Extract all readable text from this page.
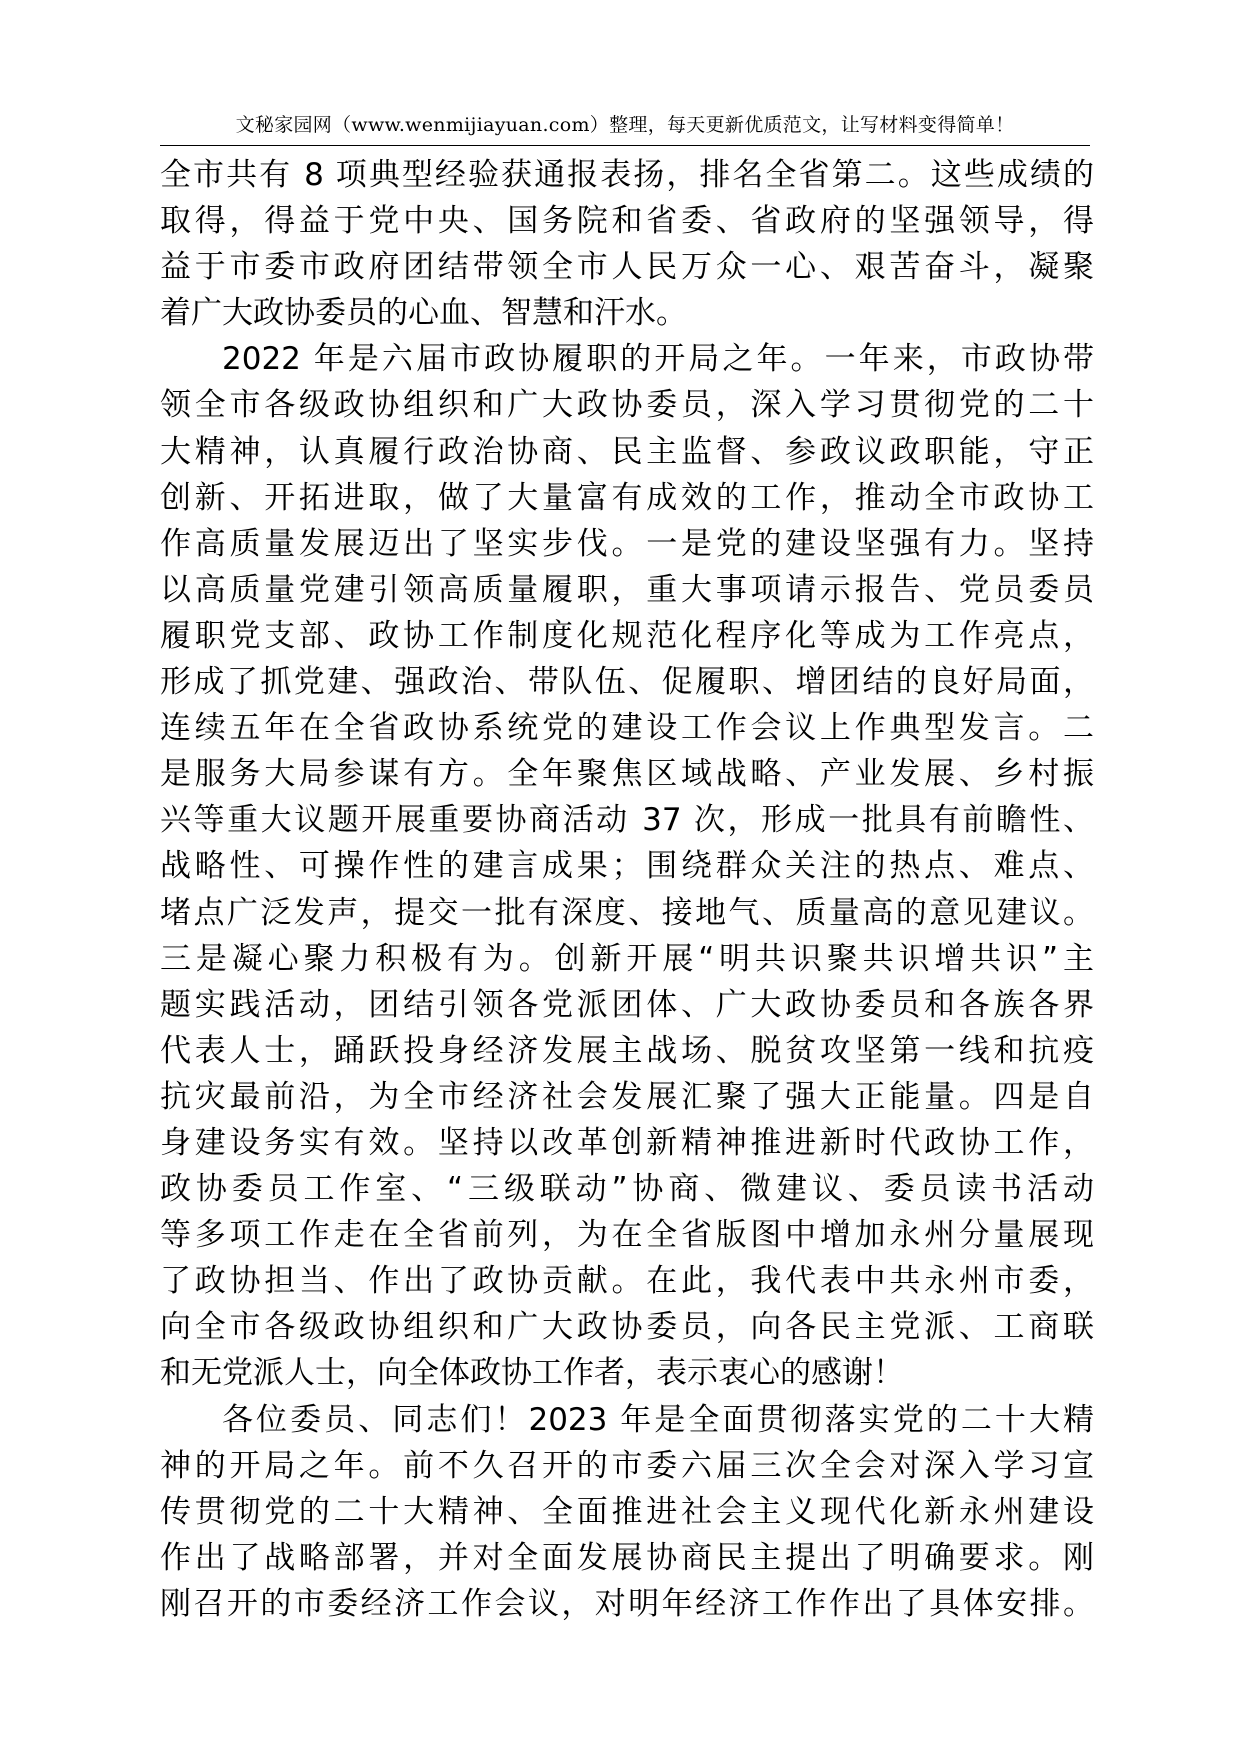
文秘家园网（www.wenmijiayuan.com）整理，每天更新优质范文，让写材料变得简单！
全市共有 8 项典型经验获通报表扬，排名全省第二。这些成绩的
取得，得益于党中央、国务院和省委、省政府的坚强领导，得
益于市委市政府团结带领全市人民万众一心、艰苦奋斗，凝聚
着广大政协委员的心血、智慧和汗水。
2022 年是六届市政协履职的开局之年。一年来，市政协带
领全市各级政协组织和广大政协委员，深入学习贯彻党的二十
大精神，认真履行政治协商、民主监督、参政议政职能，守正
创新、开拓进取，做了大量富有成效的工作，推动全市政协工
作高质量发展迈出了坚实步伐。一是党的建设坚强有力。坚持
以高质量党建引领高质量履职，重大事项请示报告、党员委员
履职党支部、政协工作制度化规范化程序化等成为工作亮点，
形成了抓党建、强政治、带队伍、促履职、增团结的良好局面，
连续五年在全省政协系统党的建设工作会议上作典型发言。二
是服务大局参谋有方。全年聚焦区域战略、产业发展、乡村振
兴等重大议题开展重要协商活动 37 次，形成一批具有前瞻性、
战略性、可操作性的建言成果；围绕群众关注的热点、难点、
堵点广泛发声，提交一批有深度、接地气、质量高的意见建议。
三是凝心聚力积极有为。创新开展“明共识聚共识增共识”主
题实践活动，团结引领各党派团体、广大政协委员和各族各界
代表人士，踊跃投身经济发展主战场、脱贫攻坚第一线和抗疫
抗灾最前沿，为全市经济社会发展汇聚了强大正能量。四是自
身建设务实有效。坚持以改革创新精神推进新时代政协工作，
政协委员工作室、“三级联动”协商、微建议、委员读书活动
等多项工作走在全省前列，为在全省版图中增加永州分量展现
了政协担当、作出了政协贡献。在此，我代表中共永州市委，
向全市各级政协组织和广大政协委员，向各民主党派、工商联
和无党派人士，向全体政协工作者，表示衷心的感谢！
各位委员、同志们！2023 年是全面贯彻落实党的二十大精
神的开局之年。前不久召开的市委六届三次全会对深入学习宣
传贯彻党的二十大精神、全面推进社会主义现代化新永州建设
作出了战略部署，并对全面发展协商民主提出了明确要求。刚
刚召开的市委经济工作会议，对明年经济工作作出了具体安排。
